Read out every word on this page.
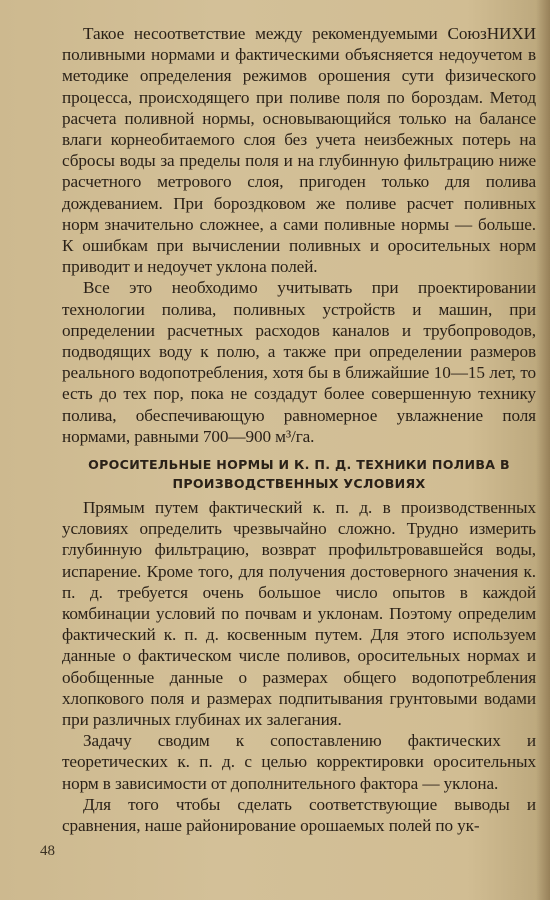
Такое несоответствие между рекомендуемыми СоюзНИХИ поливными нормами и фактическими объясняется недоучетом в методике определения режимов орошения сути физического процесса, происходящего при поливе поля по бороздам. Метод расчета поливной нормы, основывающийся только на балансе влаги корнеобитаемого слоя без учета неизбежных потерь на сбросы воды за пределы поля и на глубинную фильтрацию ниже расчетного метрового слоя, пригоден только для полива дождеванием. При бороздковом же поливе расчет поливных норм значительно сложнее, а сами поливные нормы — больше. К ошибкам при вычислении поливных и оросительных норм приводит и недоучет уклона полей.

Все это необходимо учитывать при проектировании технологии полива, поливных устройств и машин, при определении расчетных расходов каналов и трубопроводов, подводящих воду к полю, а также при определении размеров реального водопотребления, хотя бы в ближайшие 10—15 лет, то есть до тех пор, пока не создадут более совершенную технику полива, обеспечивающую равномерное увлажнение поля нормами, равными 700—900 м³/га.

ОРОСИТЕЛЬНЫЕ НОРМЫ И К. П. Д. ТЕХНИКИ ПОЛИВА В ПРОИЗВОДСТВЕННЫХ УСЛОВИЯХ

Прямым путем фактический к. п. д. в производственных условиях определить чрезвычайно сложно. Трудно измерить глубинную фильтрацию, возврат профильтровавшейся воды, испарение. Кроме того, для получения достоверного значения к. п. д. требуется очень большое число опытов в каждой комбинации условий по почвам и уклонам. Поэтому определим фактический к. п. д. косвенным путем. Для этого используем данные о фактическом числе поливов, оросительных нормах и обобщенные данные о размерах общего водопотребления хлопкового поля и размерах подпитывания грунтовыми водами при различных глубинах их залегания.

Задачу сводим к сопоставлению фактических и теоретических к. п. д. с целью корректировки оросительных норм в зависимости от дополнительного фактора — уклона.

Для того чтобы сделать соответствующие выводы и сравнения, наше районирование орошаемых полей по ук-

48
